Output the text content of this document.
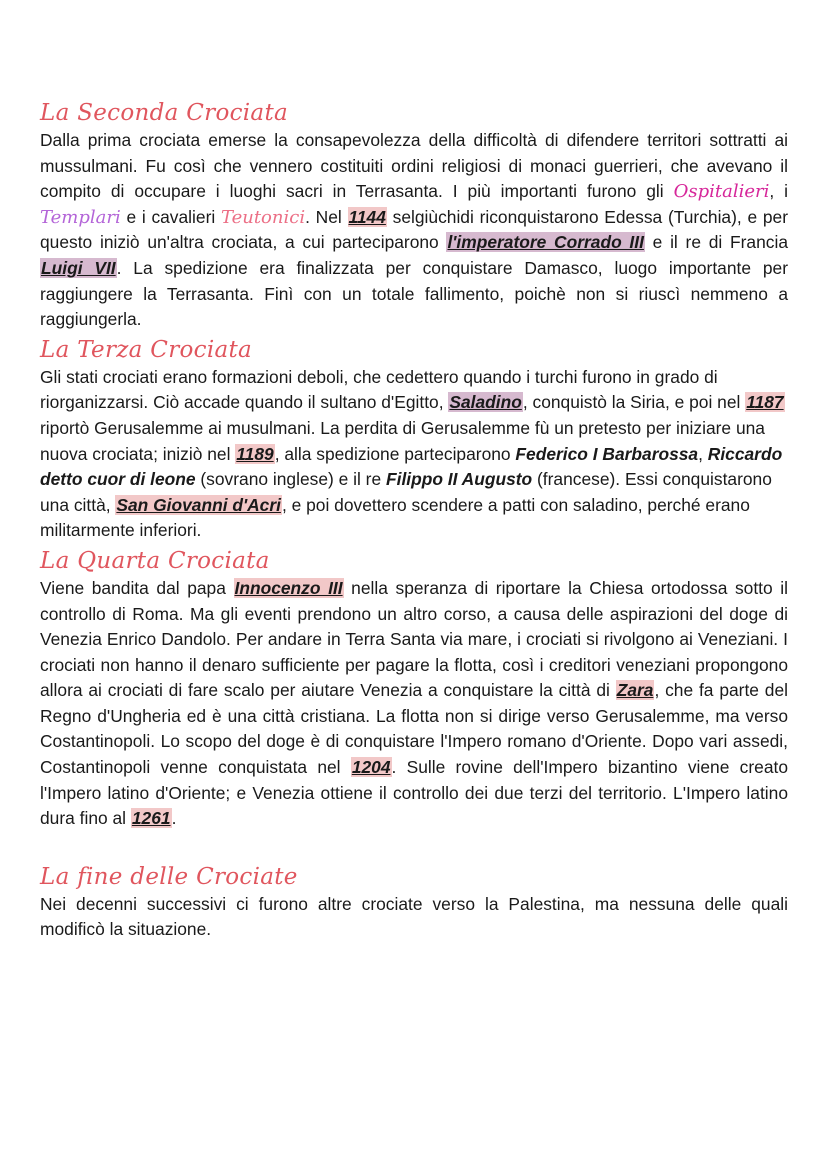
La Seconda Crociata

Dalla prima crociata emerse la consapevolezza della difficoltà di difendere territori sottratti ai mussulmani. Fu così che vennero costituiti ordini religiosi di monaci guerrieri, che avevano il compito di occupare i luoghi sacri in Terrasanta. I più importanti furono gli Ospitalieri, i Templari e i cavalieri Teutonici. Nel 1144 selgiùchidi riconquistarono Edessa (Turchia), e per questo iniziò un'altra crociata, a cui parteciparono l'imperatore Corrado III e il re di Francia Luigi VII. La spedizione era finalizzata per conquistare Damasco, luogo importante per raggiungere la Terrasanta. Finì con un totale fallimento, poichè non si riuscì nemmeno a raggiungerla.

La Terza Crociata

Gli stati crociati erano formazioni deboli, che cedettero quando i turchi furono in grado di riorganizzarsi. Ciò accade quando il sultano d'Egitto, Saladino, conquistò la Siria, e poi nel 1187 riportò Gerusalemme ai musulmani. La perdita di Gerusalemme fù un pretesto per iniziare una nuova crociata; iniziò nel 1189, alla spedizione parteciparono Federico I Barbarossa, Riccardo detto cuor di leone (sovrano inglese) e il re Filippo II Augusto (francese). Essi conquistarono una città, San Giovanni d'Acri, e poi dovettero scendere a patti con saladino, perché erano militarmente inferiori.

La Quarta Crociata

Viene bandita dal papa Innocenzo III nella speranza di riportare la Chiesa ortodossa sotto il controllo di Roma. Ma gli eventi prendono un altro corso, a causa delle aspirazioni del doge di Venezia Enrico Dandolo. Per andare in Terra Santa via mare, i crociati si rivolgono ai Veneziani. I crociati non hanno il denaro sufficiente per pagare la flotta, così i creditori veneziani propongono allora ai crociati di fare scalo per aiutare Venezia a conquistare la città di Zara, che fa parte del Regno d'Ungheria ed è una città cristiana. La flotta non si dirige verso Gerusalemme, ma verso Costantinopoli. Lo scopo del doge è di conquistare l'Impero romano d'Oriente. Dopo vari assedi, Costantinopoli venne conquistata nel 1204. Sulle rovine dell'Impero bizantino viene creato l'Impero latino d'Oriente; e Venezia ottiene il controllo dei due terzi del territorio. L'Impero latino dura fino al 1261.

La fine delle Crociate

Nei decenni successivi ci furono altre crociate verso la Palestina, ma nessuna delle quali modificò la situazione.
